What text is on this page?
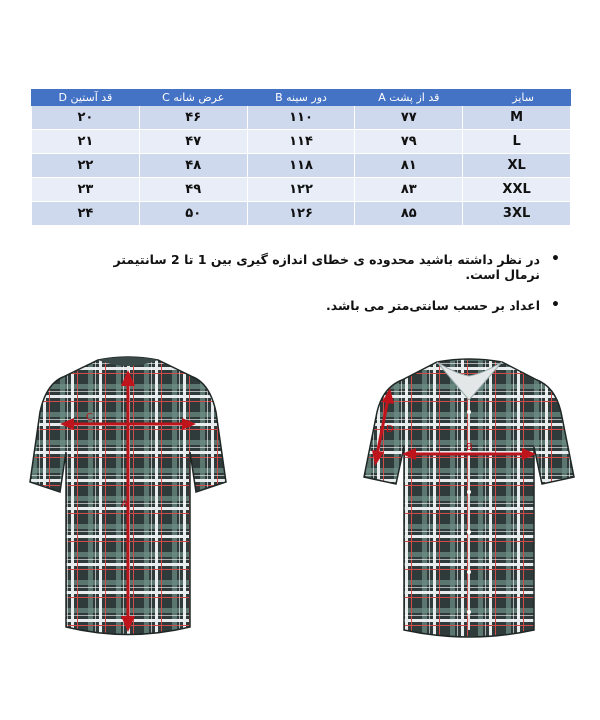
سایز	قد از پشت A	دور سینه B	عرض شانه C	قد آستین D
M	۷۷	۱۱۰	۴۶	۲۰
L	۷۹	۱۱۴	۴۷	۲۱
XL	۸۱	۱۱۸	۴۸	۲۲
XXL	۸۳	۱۲۲	۴۹	۲۳
3XL	۸۵	۱۲۶	۵۰	۲۴
• در نظر داشته باشید محدوده ی خطای اندازه گیری بین 1 تا 2 سانتیمتر نرمال است.
• اعداد بر حسب سانتی‌متر می باشد.
A
C
B
D
